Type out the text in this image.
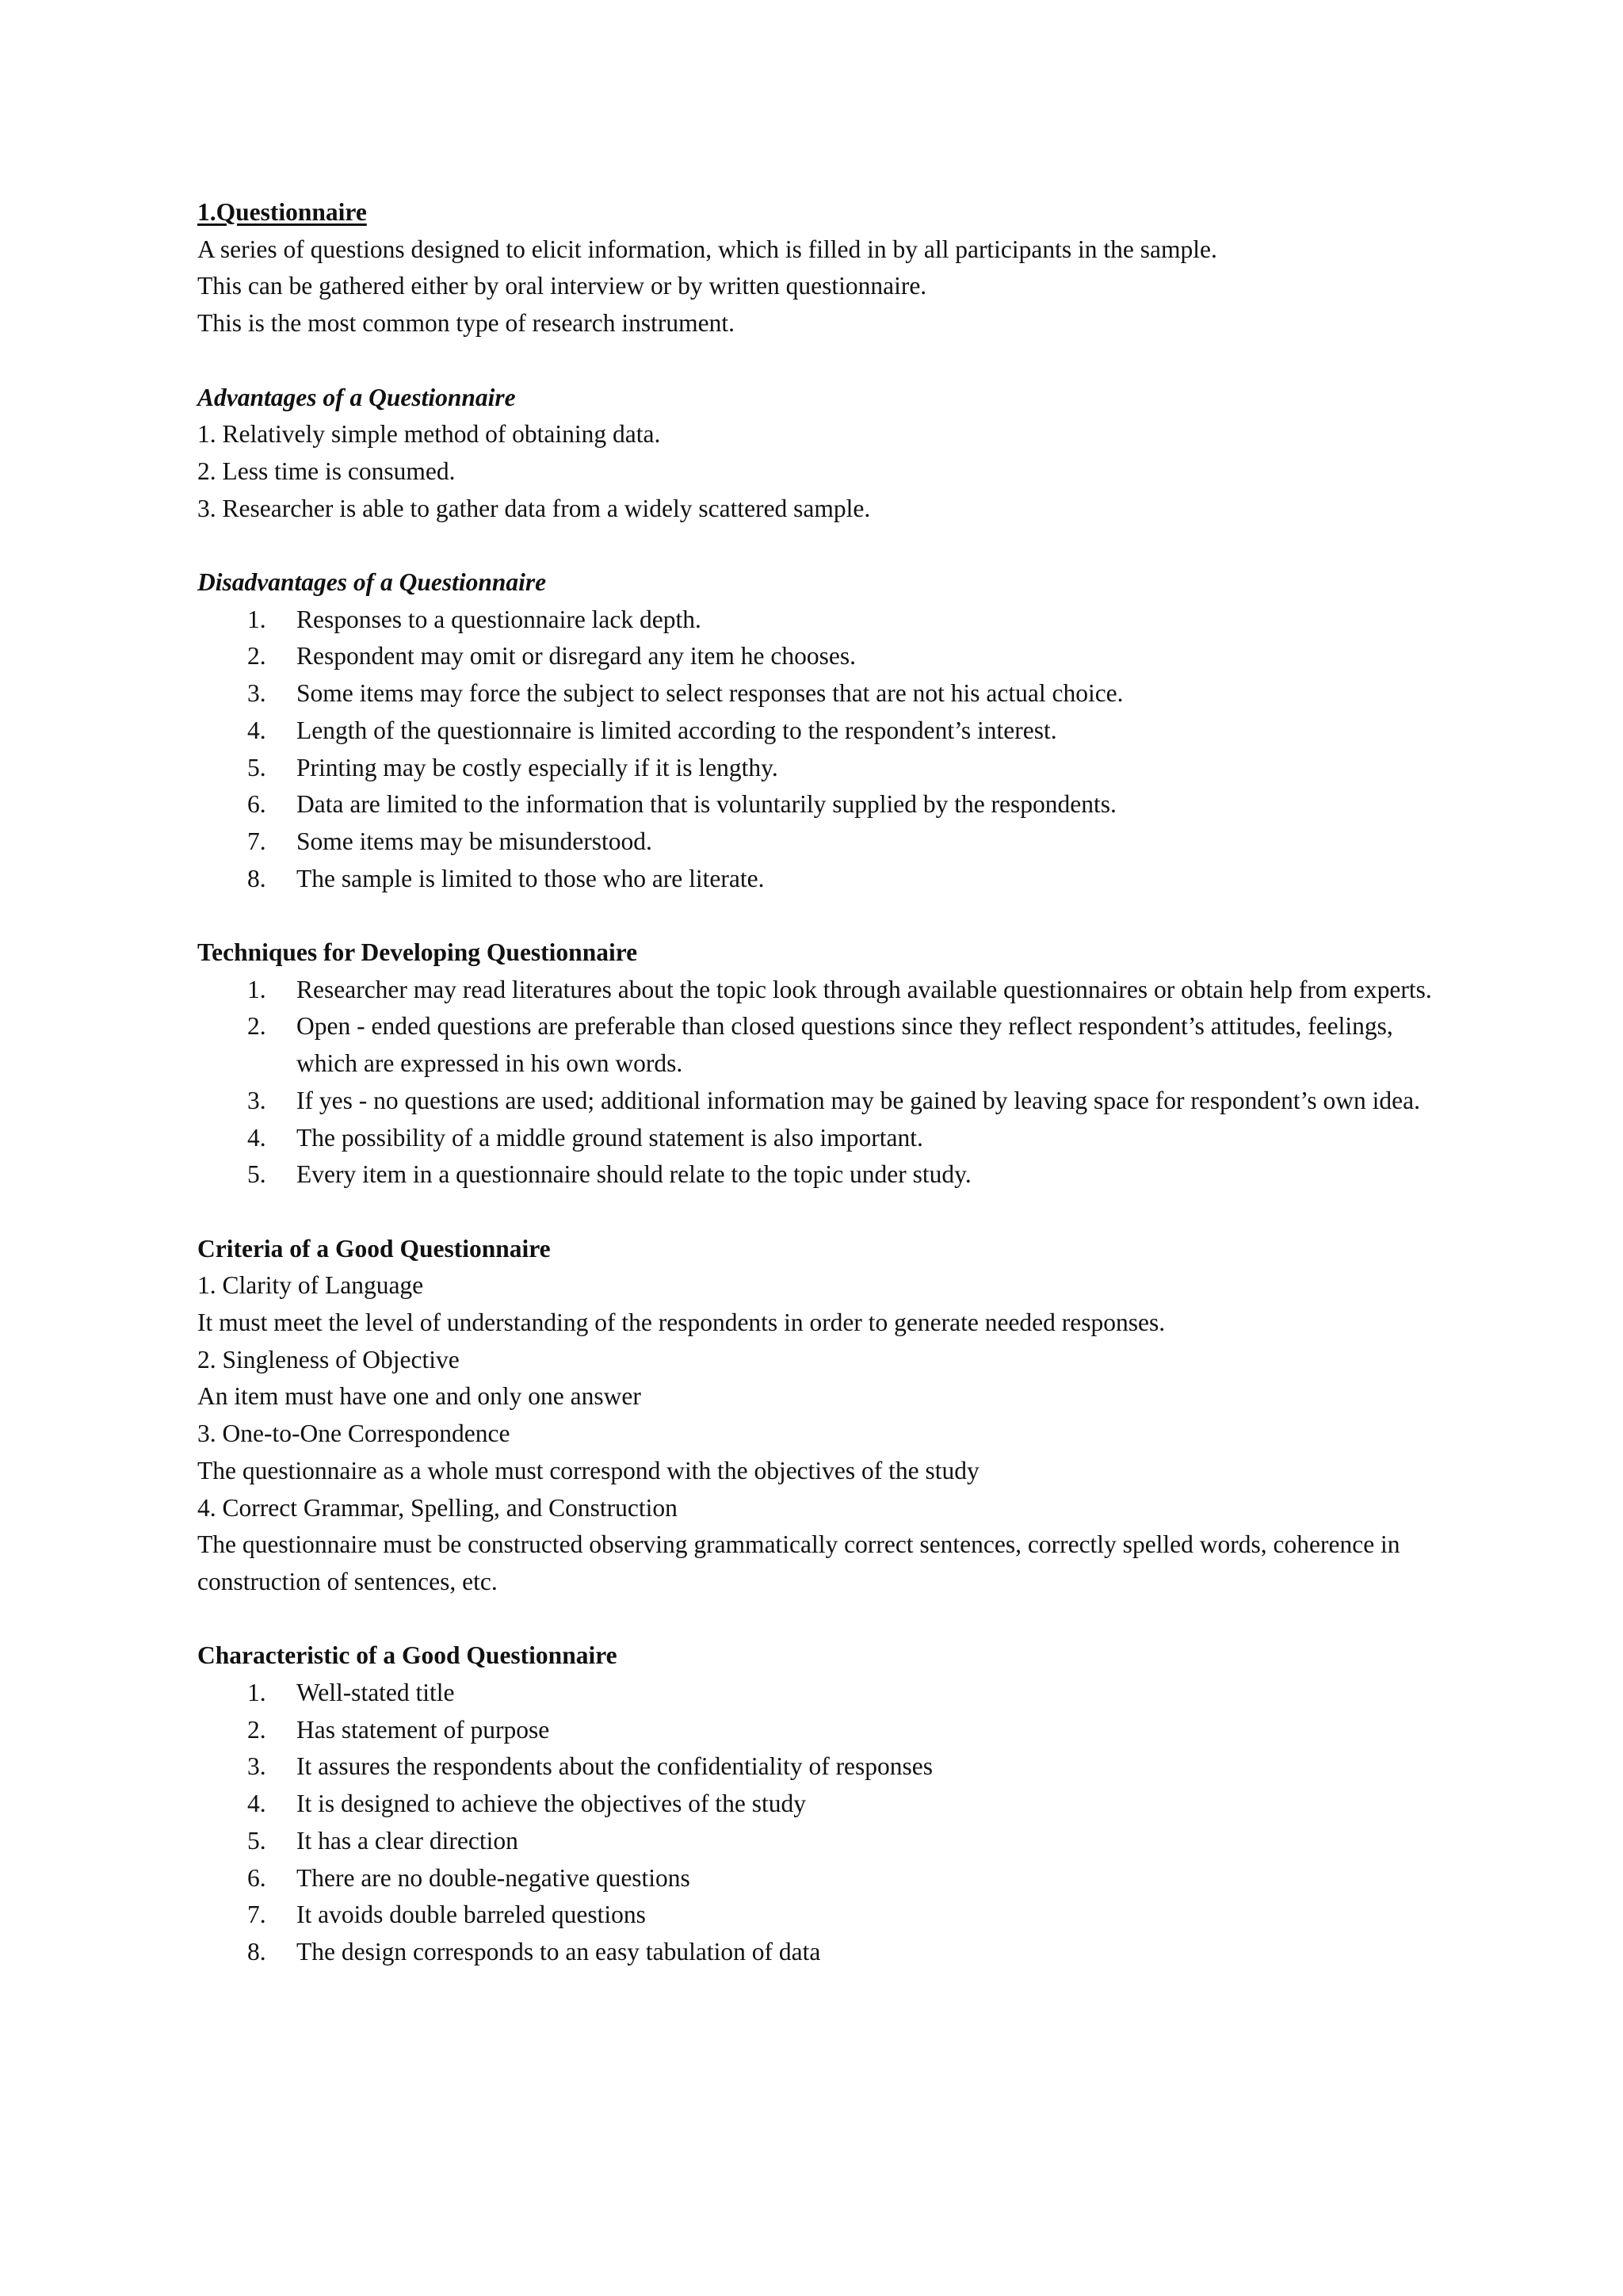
1.Questionnaire
A series of questions designed to elicit information, which is filled in by all participants in the sample.
This can be gathered either by oral interview or by written questionnaire.
This is the most common type of research instrument.
Advantages of a Questionnaire
1. Relatively simple method of obtaining data.
2. Less time is consumed.
3. Researcher is able to gather data from a widely scattered sample.
Disadvantages of a Questionnaire
1. Responses to a questionnaire lack depth.
2. Respondent may omit or disregard any item he chooses.
3. Some items may force the subject to select responses that are not his actual choice.
4. Length of the questionnaire is limited according to the respondent’s interest.
5. Printing may be costly especially if it is lengthy.
6. Data are limited to the information that is voluntarily supplied by the respondents.
7. Some items may be misunderstood.
8. The sample is limited to those who are literate.
Techniques for Developing Questionnaire
1. Researcher may read literatures about the topic look through available questionnaires or obtain help from experts.
2. Open - ended questions are preferable than closed questions since they reflect respondent’s attitudes, feelings, which are expressed in his own words.
3. If yes - no questions are used; additional information may be gained by leaving space for respondent’s own idea.
4. The possibility of a middle ground statement is also important.
5. Every item in a questionnaire should relate to the topic under study.
Criteria of a Good Questionnaire
1. Clarity of Language
It must meet the level of understanding of the respondents in order to generate needed responses.
2. Singleness of Objective
An item must have one and only one answer
3. One-to-One Correspondence
The questionnaire as a whole must correspond with the objectives of the study
4. Correct Grammar, Spelling, and Construction
The questionnaire must be constructed observing grammatically correct sentences, correctly spelled words, coherence in construction of sentences, etc.
Characteristic of a Good Questionnaire
1. Well-stated title
2. Has statement of purpose
3. It assures the respondents about the confidentiality of responses
4. It is designed to achieve the objectives of the study
5. It has a clear direction
6. There are no double-negative questions
7. It avoids double barreled questions
8. The design corresponds to an easy tabulation of data
